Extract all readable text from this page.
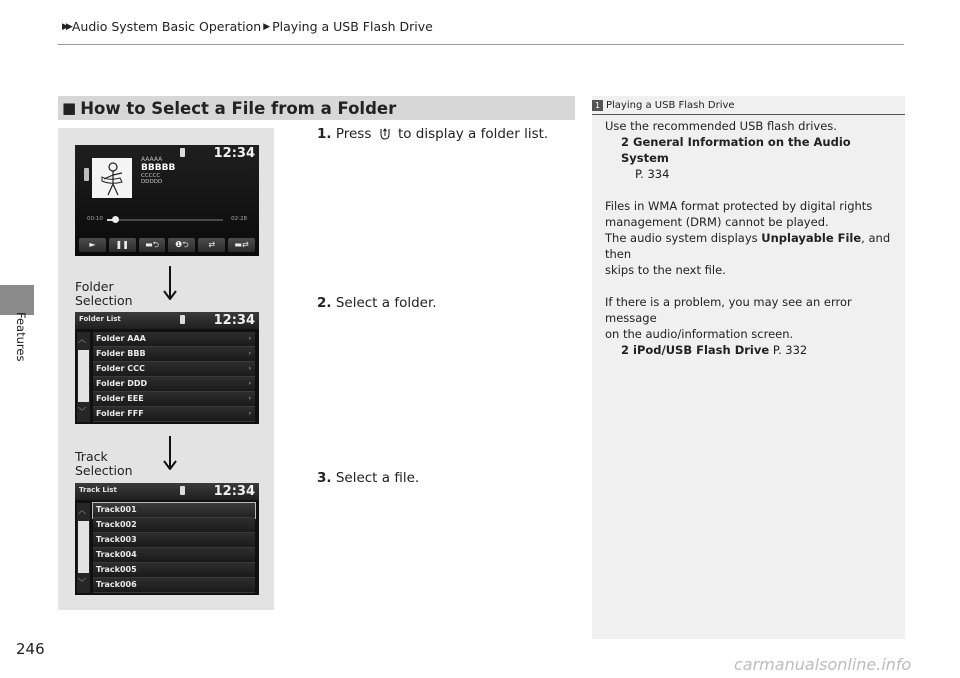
▶▶ Audio System Basic Operation ▶ Playing a USB Flash Drive
Features
246
■ How to Select a File from a Folder
AAAAA
BBBBB
CCCCC
DDDDD
00:10	02:28
►	❚❚	▬⮌	❶⮌	⇄	▬⇄
12:34
Folder
Selection
Folder List	12:34
︿
﹀
Folder AAA	›
Folder BBB	›
Folder CCC	›
Folder DDD	›
Folder EEE	›
Folder FFF	›
Track
Selection
Track List	12:34
︿
﹀
Track001
Track002
Track003
Track004
Track005
Track006
1. Press to display a folder list.
2. Select a folder.
3. Select a file.
1 Playing a USB Flash Drive

Use the recommended USB flash drives.

2 General Information on the Audio System

P. 334

Files in WMA format protected by digital rights

management (DRM) cannot be played.

The audio system displays Unplayable File, and then

skips to the next file.

If there is a problem, you may see an error message

on the audio/information screen.

2 iPod/USB Flash Drive P. 332

carmanualsonline.info
